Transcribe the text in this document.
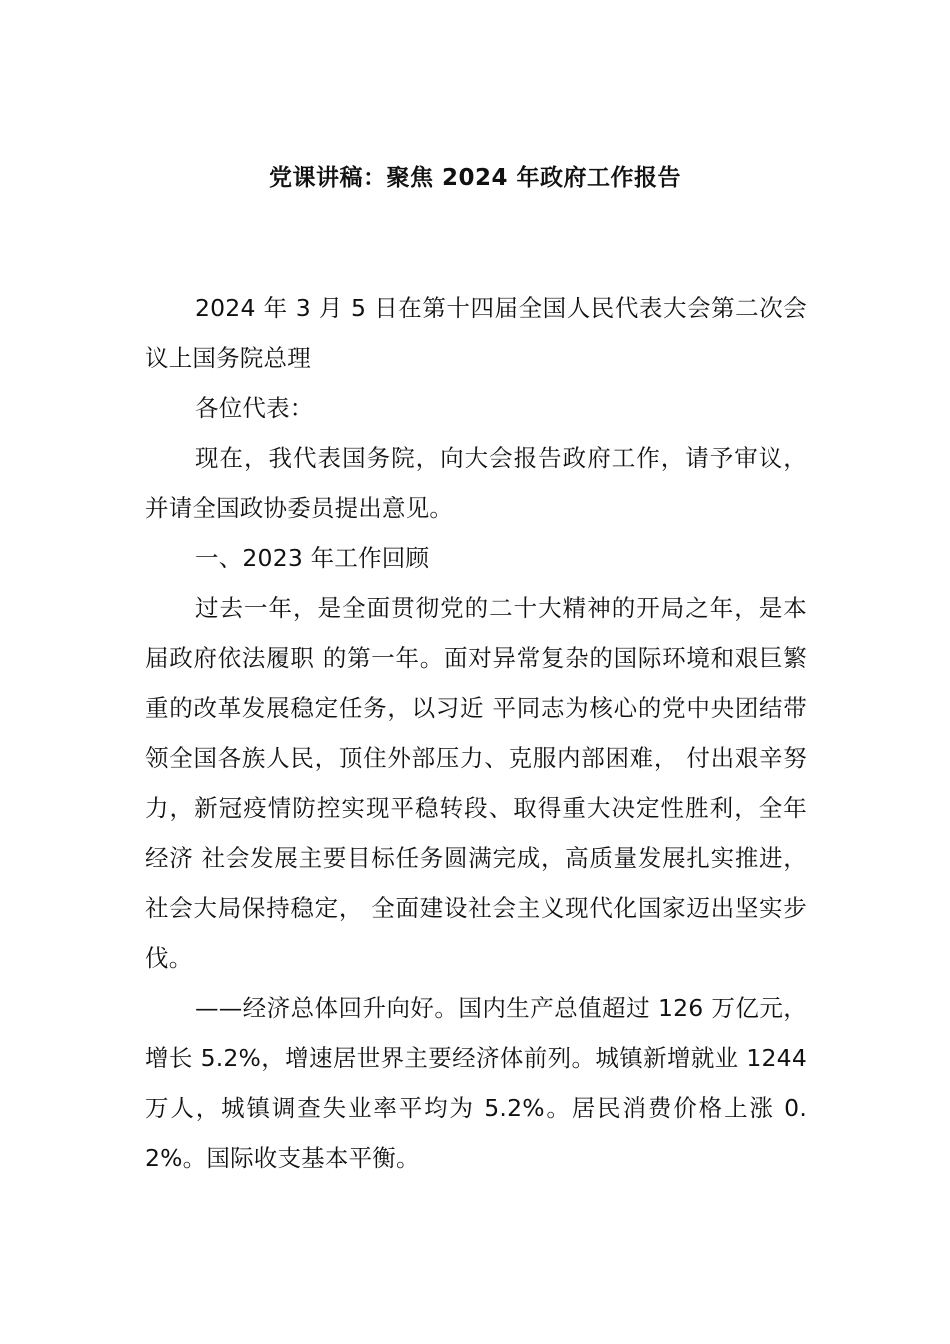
党课讲稿：聚焦 2024 年政府工作报告

2024 年 3 月 5 日在第十四届全国人民代表大会第二次会议上国务院总理

各位代表：

现在，我代表国务院，向大会报告政府工作，请予审议，并请全国政协委员提出意见。

一、2023 年工作回顾

过去一年，是全面贯彻党的二十大精神的开局之年，是本届政府依法履职 的第一年。面对异常复杂的国际环境和艰巨繁重的改革发展稳定任务，以习近 平同志为核心的党中央团结带领全国各族人民，顶住外部压力、克服内部困难， 付出艰辛努力，新冠疫情防控实现平稳转段、取得重大决定性胜利，全年经济 社会发展主要目标任务圆满完成，高质量发展扎实推进，社会大局保持稳定， 全面建设社会主义现代化国家迈出坚实步伐。

——经济总体回升向好。国内生产总值超过 126 万亿元，增长 5.2%，增速居世界主要经济体前列。城镇新增就业 1244 万人，城镇调查失业率平均为 5.2%。居民消费价格上涨 0.2%。国际收支基本平衡。
